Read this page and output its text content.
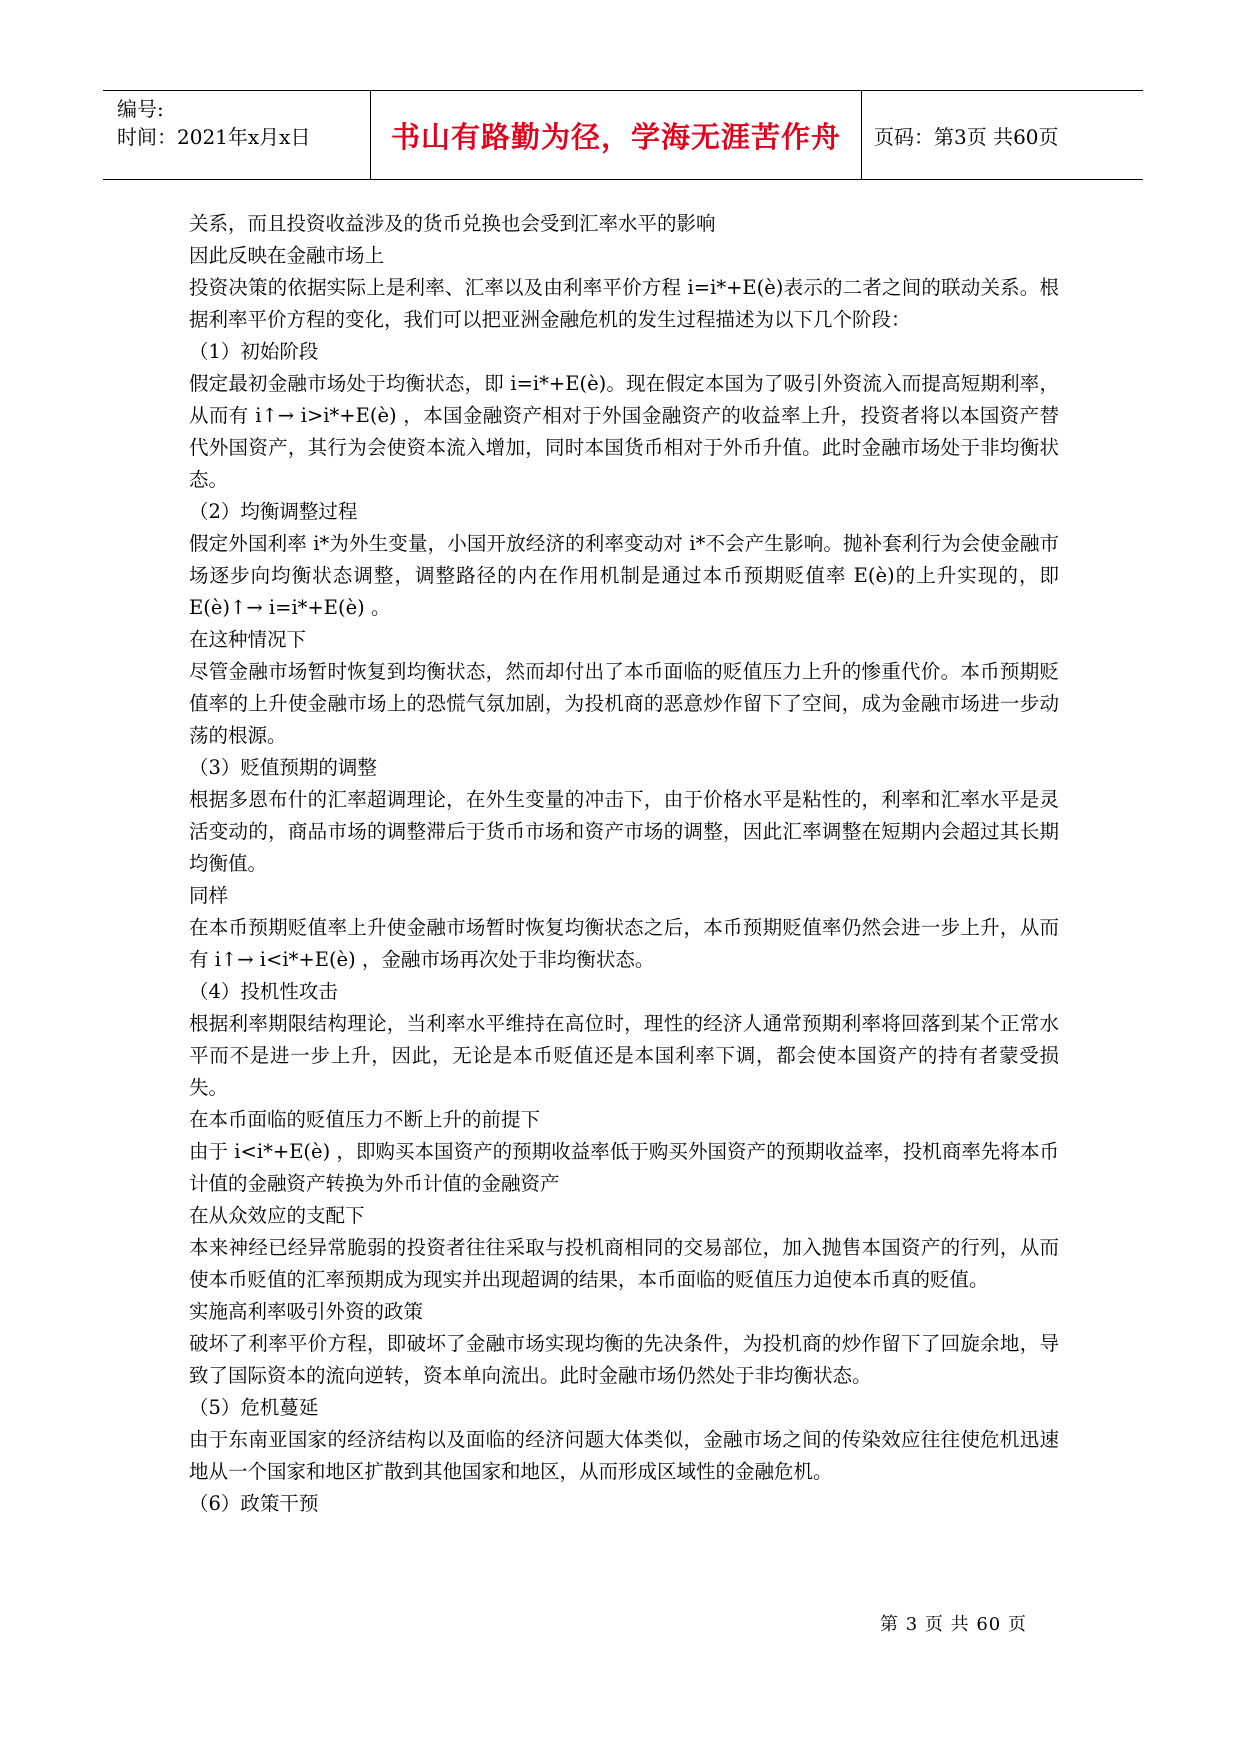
编号:
时间：2021年x月x日	书山有路勤为径，学海无涯苦作舟	页码：第3页 共60页

关系，而且投资收益涉及的货币兑换也会受到汇率水平的影响

因此反映在金融市场上

投资决策的依据实际上是利率、汇率以及由利率平价方程 i=i*+E(è)表示的二者之间的联动关系。根据利率平价方程的变化，我们可以把亚洲金融危机的发生过程描述为以下几个阶段：

（1）初始阶段

假定最初金融市场处于均衡状态，即 i=i*+E(è)。现在假定本国为了吸引外资流入而提高短期利率，从而有 i↑→ i>i*+E(è) ，本国金融资产相对于外国金融资产的收益率上升，投资者将以本国资产替代外国资产，其行为会使资本流入增加，同时本国货币相对于外币升值。此时金融市场处于非均衡状态。

（2）均衡调整过程

假定外国利率 i*为外生变量，小国开放经济的利率变动对 i*不会产生影响。抛补套利行为会使金融市场逐步向均衡状态调整，调整路径的内在作用机制是通过本币预期贬值率 E(è)的上升实现的，即　　E(è)↑→ i=i*+E(è) 。

在这种情况下

尽管金融市场暂时恢复到均衡状态，然而却付出了本币面临的贬值压力上升的惨重代价。本币预期贬值率的上升使金融市场上的恐慌气氛加剧，为投机商的恶意炒作留下了空间，成为金融市场进一步动荡的根源。

（3）贬值预期的调整

根据多恩布什的汇率超调理论，在外生变量的冲击下，由于价格水平是粘性的，利率和汇率水平是灵活变动的，商品市场的调整滞后于货币市场和资产市场的调整，因此汇率调整在短期内会超过其长期均衡值。

同样

在本币预期贬值率上升使金融市场暂时恢复均衡状态之后，本币预期贬值率仍然会进一步上升，从而有 i↑→ i<i*+E(è) ，金融市场再次处于非均衡状态。

（4）投机性攻击

根据利率期限结构理论，当利率水平维持在高位时，理性的经济人通常预期利率将回落到某个正常水平而不是进一步上升，因此，无论是本币贬值还是本国利率下调，都会使本国资产的持有者蒙受损失。

在本币面临的贬值压力不断上升的前提下

由于 i<i*+E(è) ，即购买本国资产的预期收益率低于购买外国资产的预期收益率，投机商率先将本币计值的金融资产转换为外币计值的金融资产

在从众效应的支配下

本来神经已经异常脆弱的投资者往往采取与投机商相同的交易部位，加入抛售本国资产的行列，从而使本币贬值的汇率预期成为现实并出现超调的结果，本币面临的贬值压力迫使本币真的贬值。

实施高利率吸引外资的政策

破坏了利率平价方程，即破坏了金融市场实现均衡的先决条件，为投机商的炒作留下了回旋余地，导致了国际资本的流向逆转，资本单向流出。此时金融市场仍然处于非均衡状态。

（5）危机蔓延

由于东南亚国家的经济结构以及面临的经济问题大体类似，金融市场之间的传染效应往往使危机迅速地从一个国家和地区扩散到其他国家和地区，从而形成区域性的金融危机。

（6）政策干预

第 3 页 共 60 页
